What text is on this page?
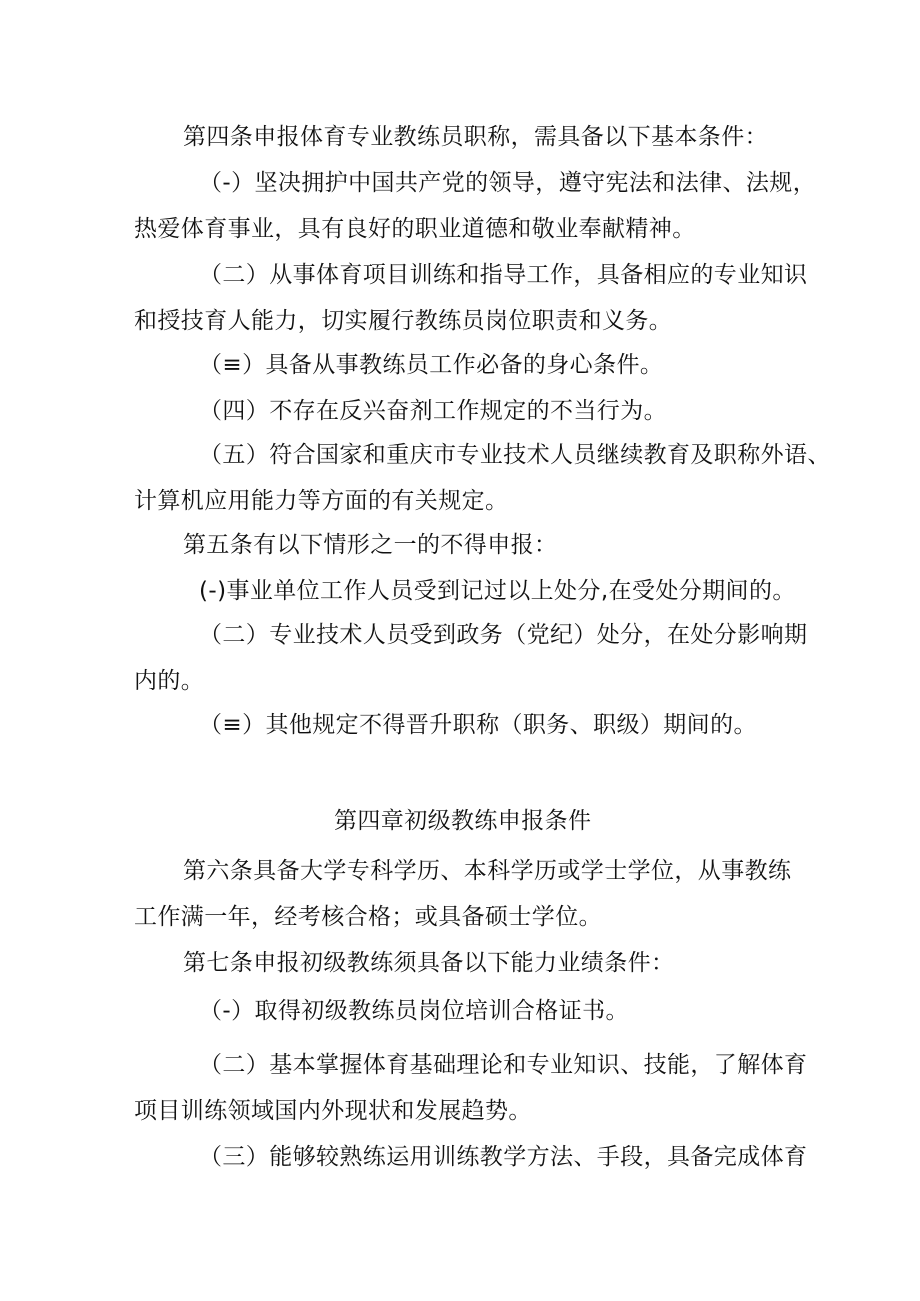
第四条申报体育专业教练员职称，需具备以下基本条件：
（-）坚决拥护中国共产党的领导，遵守宪法和法律、法规，
热爱体育事业，具有良好的职业道德和敬业奉献精神。
（二）从事体育项目训练和指导工作，具备相应的专业知识
和授技育人能力，切实履行教练员岗位职责和义务。
（≡）具备从事教练员工作必备的身心条件。
（四）不存在反兴奋剂工作规定的不当行为。
（五）符合国家和重庆市专业技术人员继续教育及职称外语、
计算机应用能力等方面的有关规定。
第五条有以下情形之一的不得申报：
(-)事业单位工作人员受到记过以上处分,在受处分期间的。
（二）专业技术人员受到政务（党纪）处分，在处分影响期
内的。
（≡）其他规定不得晋升职称（职务、职级）期间的。
第四章初级教练申报条件
第六条具备大学专科学历、本科学历或学士学位，从事教练
工作满一年，经考核合格；或具备硕士学位。
第七条申报初级教练须具备以下能力业绩条件：
（-）取得初级教练员岗位培训合格证书。
（二）基本掌握体育基础理论和专业知识、技能，了解体育
项目训练领域国内外现状和发展趋势。
（三）能够较熟练运用训练教学方法、手段，具备完成体育
